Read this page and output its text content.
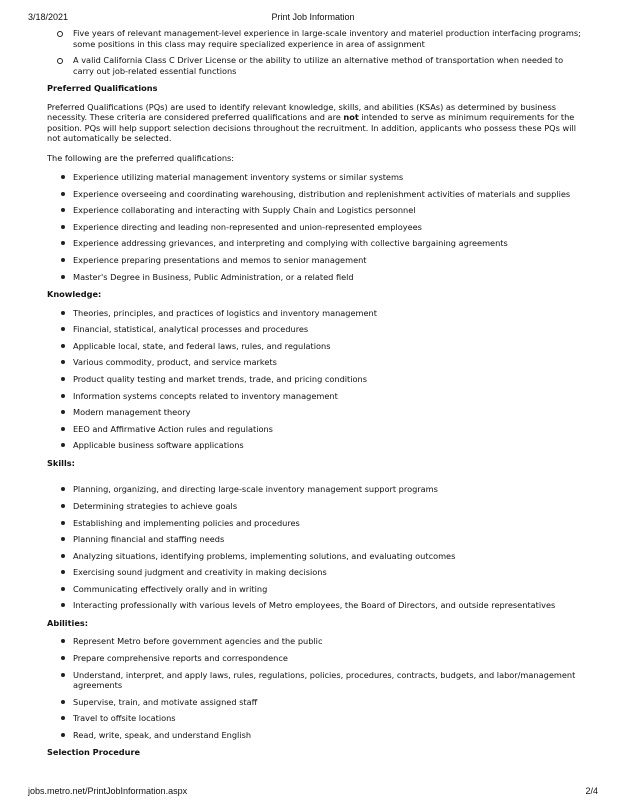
3/18/2021	Print Job Information
Five years of relevant management-level experience in large-scale inventory and materiel production interfacing programs; some positions in this class may require specialized experience in area of assignment
A valid California Class C Driver License or the ability to utilize an alternative method of transportation when needed to carry out job-related essential functions
Preferred Qualifications

Preferred Qualifications (PQs) are used to identify relevant knowledge, skills, and abilities (KSAs) as determined by business necessity. These criteria are considered preferred qualifications and are not intended to serve as minimum requirements for the position. PQs will help support selection decisions throughout the recruitment. In addition, applicants who possess these PQs will not automatically be selected.

The following are the preferred qualifications:

Experience utilizing material management inventory systems or similar systems
Experience overseeing and coordinating warehousing, distribution and replenishment activities of materials and supplies
Experience collaborating and interacting with Supply Chain and Logistics personnel
Experience directing and leading non-represented and union-represented employees
Experience addressing grievances, and interpreting and complying with collective bargaining agreements
Experience preparing presentations and memos to senior management
Master's Degree in Business, Public Administration, or a related field
Knowledge:
Theories, principles, and practices of logistics and inventory management
Financial, statistical, analytical processes and procedures
Applicable local, state, and federal laws, rules, and regulations
Various commodity, product, and service markets
Product quality testing and market trends, trade, and pricing conditions
Information systems concepts related to inventory management
Modern management theory
EEO and Affirmative Action rules and regulations
Applicable business software applications
Skills:
Planning, organizing, and directing large-scale inventory management support programs
Determining strategies to achieve goals
Establishing and implementing policies and procedures
Planning financial and staffing needs
Analyzing situations, identifying problems, implementing solutions, and evaluating outcomes
Exercising sound judgment and creativity in making decisions
Communicating effectively orally and in writing
Interacting professionally with various levels of Metro employees, the Board of Directors, and outside representatives
Abilities:
Represent Metro before government agencies and the public
Prepare comprehensive reports and correspondence
Understand, interpret, and apply laws, rules, regulations, policies, procedures, contracts, budgets, and labor/management agreements
Supervise, train, and motivate assigned staff
Travel to offsite locations
Read, write, speak, and understand English
Selection Procedure
jobs.metro.net/PrintJobInformation.aspx	2/4
